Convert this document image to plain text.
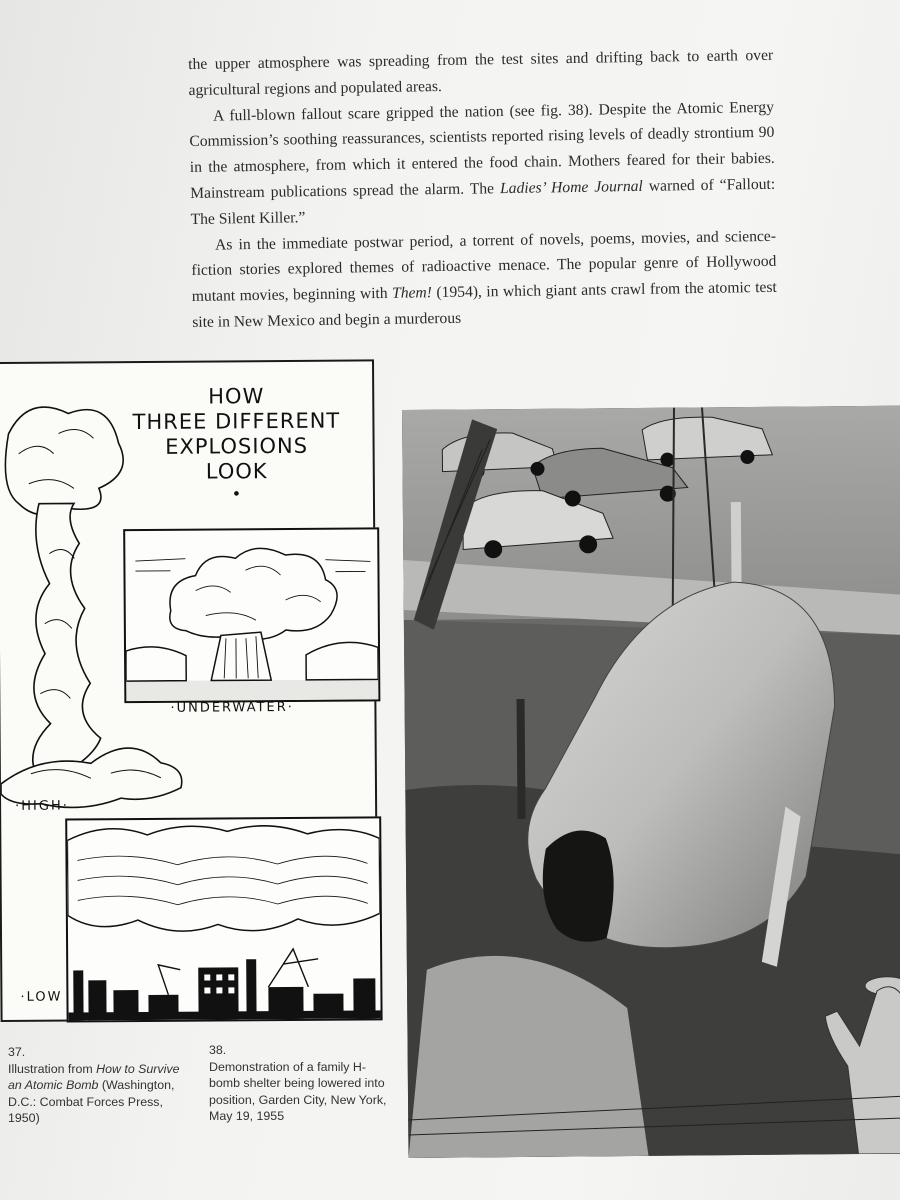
the upper atmosphere was spreading from the test sites and drifting back to earth over agricultural regions and populated areas.

A full-blown fallout scare gripped the nation (see fig. 38). Despite the Atomic Energy Commission’s soothing reassurances, scientists reported rising levels of deadly strontium 90 in the atmosphere, from which it entered the food chain. Mothers feared for their babies. Mainstream publications spread the alarm. The Ladies’ Home Journal warned of “Fallout: The Silent Killer.”

As in the immediate postwar period, a torrent of novels, poems, movies, and science-fiction stories explored themes of radioactive menace. The popular genre of Hollywood mutant movies, beginning with Them! (1954), in which giant ants crawl from the atomic test site in New Mexico and begin a murderous

HOW
THREE DIFFERENT
EXPLOSIONS
LOOK
•
·UNDERWATER·
·HIGH·
·LOW
37.
Illustration from How to Survive an Atomic Bomb (Washington, D.C.: Combat Forces Press, 1950)
38.
Demonstration of a family H-bomb shelter being lowered into position, Garden City, New York, May 19, 1955
